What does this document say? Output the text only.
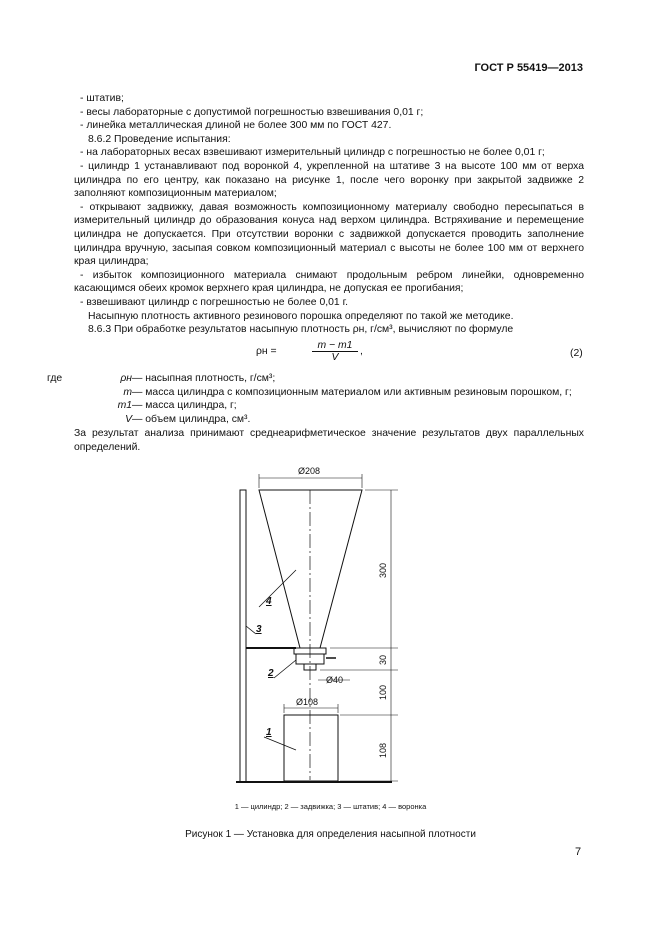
ГОСТ Р 55419—2013

- штатив;

- весы лабораторные с допустимой погрешностью взвешивания 0,01 г;

- линейка металлическая длиной не более 300 мм по ГОСТ 427.

8.6.2 Проведение испытания:

- на лабораторных весах взвешивают измерительный цилиндр с погрешностью не более 0,01 г;

- цилиндр 1 устанавливают под воронкой 4, укрепленной на штативе 3 на высоте 100 мм от верха цилиндра по его центру, как показано на рисунке 1, после чего воронку при закрытой задвижке 2 заполняют композиционным материалом;

- открывают задвижку, давая возможность композиционному материалу свободно пересыпаться в измерительный цилиндр до образования конуса над верхом цилиндра. Встряхивание и перемещение цилиндра не допускается. При отсутствии воронки с задвижкой допускается проводить заполнение цилиндра вручную, засыпая совком композиционный материал с высоты не более 100 мм от верхнего края цилиндра;

- избыток композиционного материала снимают продольным ребром линейки, одновременно касающимся обеих кромок верхнего края цилиндра, не допуская ее прогибания;

- взвешивают цилиндр с погрешностью не более 0,01 г.

Насыпную плотность активного резинового порошка определяют по такой же методике.

8.6.3 При обработке результатов насыпную плотность ρн, г/см³, вычисляют по формуле

ρн =	$\frac{m - m1}{V}$ ,	(2)
где	ρн — насыпная плотность, г/см³;
m — масса цилиндра с композиционным материалом или активным резиновым порошком, г;
m1 — масса цилиндра, г;
V — объем цилиндра, см³.
За результат анализа принимают среднеарифметическое значение результатов двух параллельных определений.
Ø208
Ø108
Ø40
300
30
100
108
4
3
2
1
1 — цилиндр; 2 — задвижка; 3 — штатив; 4 — воронка
Рисунок 1 — Установка для определения насыпной плотности
7
